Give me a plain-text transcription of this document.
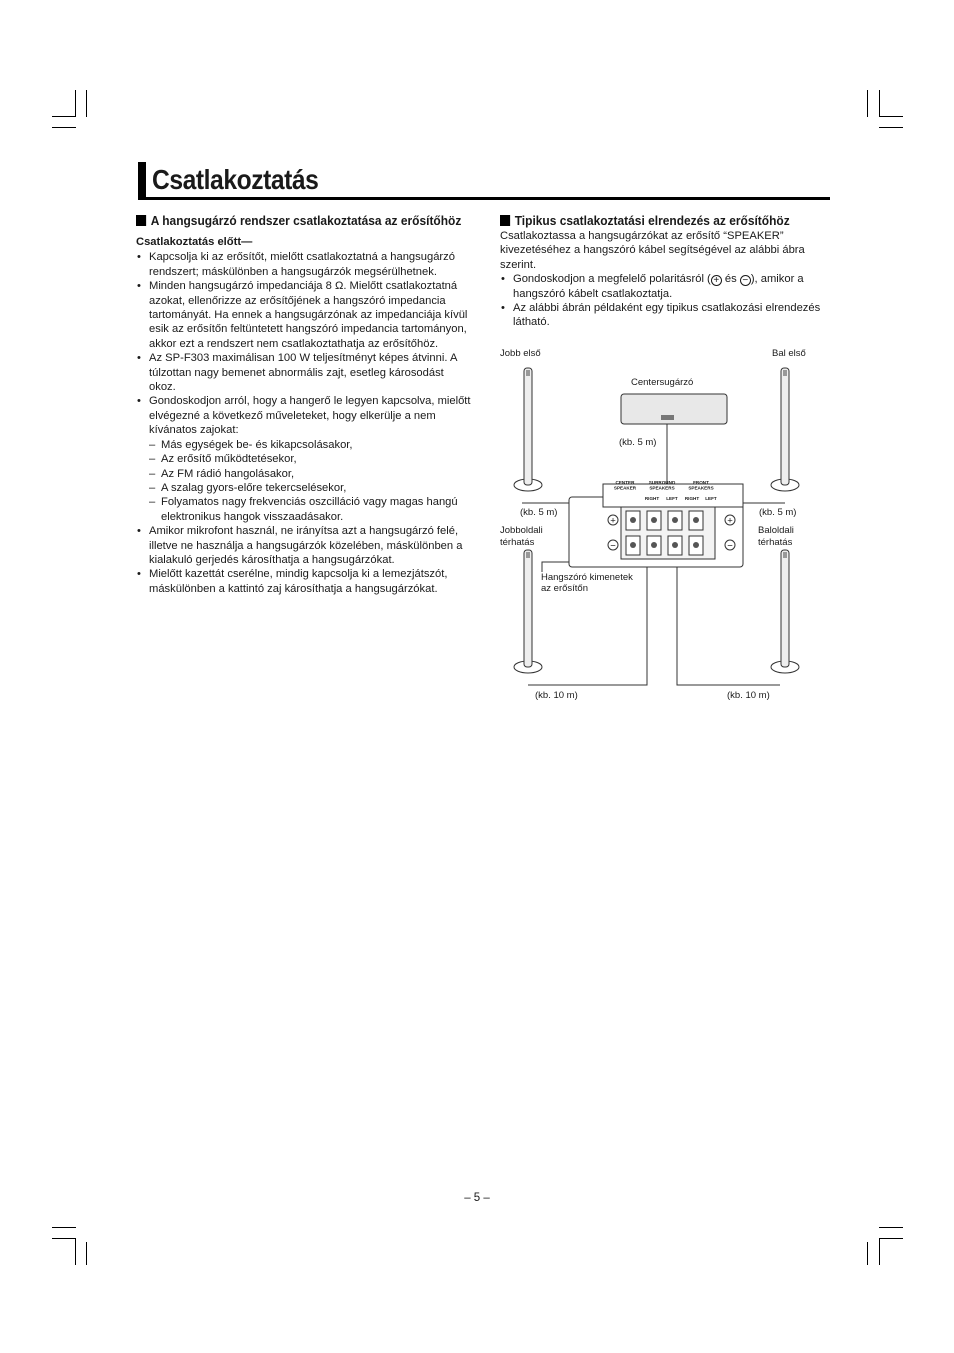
Csatlakoztatás
A hangsugárzó rendszer csatlakoztatása az erősítőhöz

Csatlakoztatás előtt—

• Kapcsolja ki az erősítőt, mielőtt csatlakoztatná a hangsugárzó rendszert; máskülönben a hangsugárzók megsérülhetnek.
• Minden hangsugárzó impedanciája 8 Ω. Mielőtt csatlakoztatná azokat, ellenőrizze az erősítőjének a hangszóró impedancia tartományát. Ha ennek a hangsugárzónak az impedanciája kívül esik az erősítőn feltüntetett hangszóró impedancia tartományon, akkor ezt a rendszert nem csatlakoztathatja az erősítőhöz.
• Az SP-F303 maximálisan 100 W teljesítményt képes átvinni. A túlzottan nagy bemenet abnormális zajt, esetleg károsodást okoz.
• Gondoskodjon arról, hogy a hangerő le legyen kapcsolva, mielőtt elvégezné a következő műveleteket, hogy elkerülje a nem kívánatos zajokat:
– Más egységek be- és kikapcsolásakor,
– Az erősítő működtetésekor,
– Az FM rádió hangolásakor,
– A szalag gyors-előre tekercselésekor,
– Folyamatos nagy frekvenciás oszcilláció vagy magas hangú elektronikus hangok visszaadásakor.
• Amikor mikrofont használ, ne irányítsa azt a hangsugárzó felé, illetve ne használja a hangsugárzók közelében, máskülönben a kialakuló gerjedés károsíthatja a hangsugárzókat.
• Mielőtt kazettát cserélne, mindig kapcsolja ki a lemezjátszót, máskülönben a kattintó zaj károsíthatja a hangsugárzókat.
Tipikus csatlakoztatási elrendezés az erősítőhöz

Csatlakoztassa a hangsugárzókat az erősítő “SPEAKER” kivezetéséhez a hangszóró kábel segítségével az alábbi ábra szerint.

• Gondoskodjon a megfelelő polaritásról ( + és − ), amikor a hangszóró kábelt csatlakoztatja.
• Az alábbi ábrán példaként egy tipikus csatlakozási elrendezés látható.
+
−
+
−
CENTER
SPEAKER
SURROUND
SPEAKERS
FRONT
SPEAKERS
RIGHT LEFT RIGHT LEFT
Jobb első	Bal első
Centersugárzó
(kb. 5 m)
(kb. 5 m)	(kb. 5 m)
Jobboldali
térhatás
Baloldali
térhatás
Hangszóró kimenetek
az erősítőn
(kb. 10 m)	(kb. 10 m)
– 5 –
